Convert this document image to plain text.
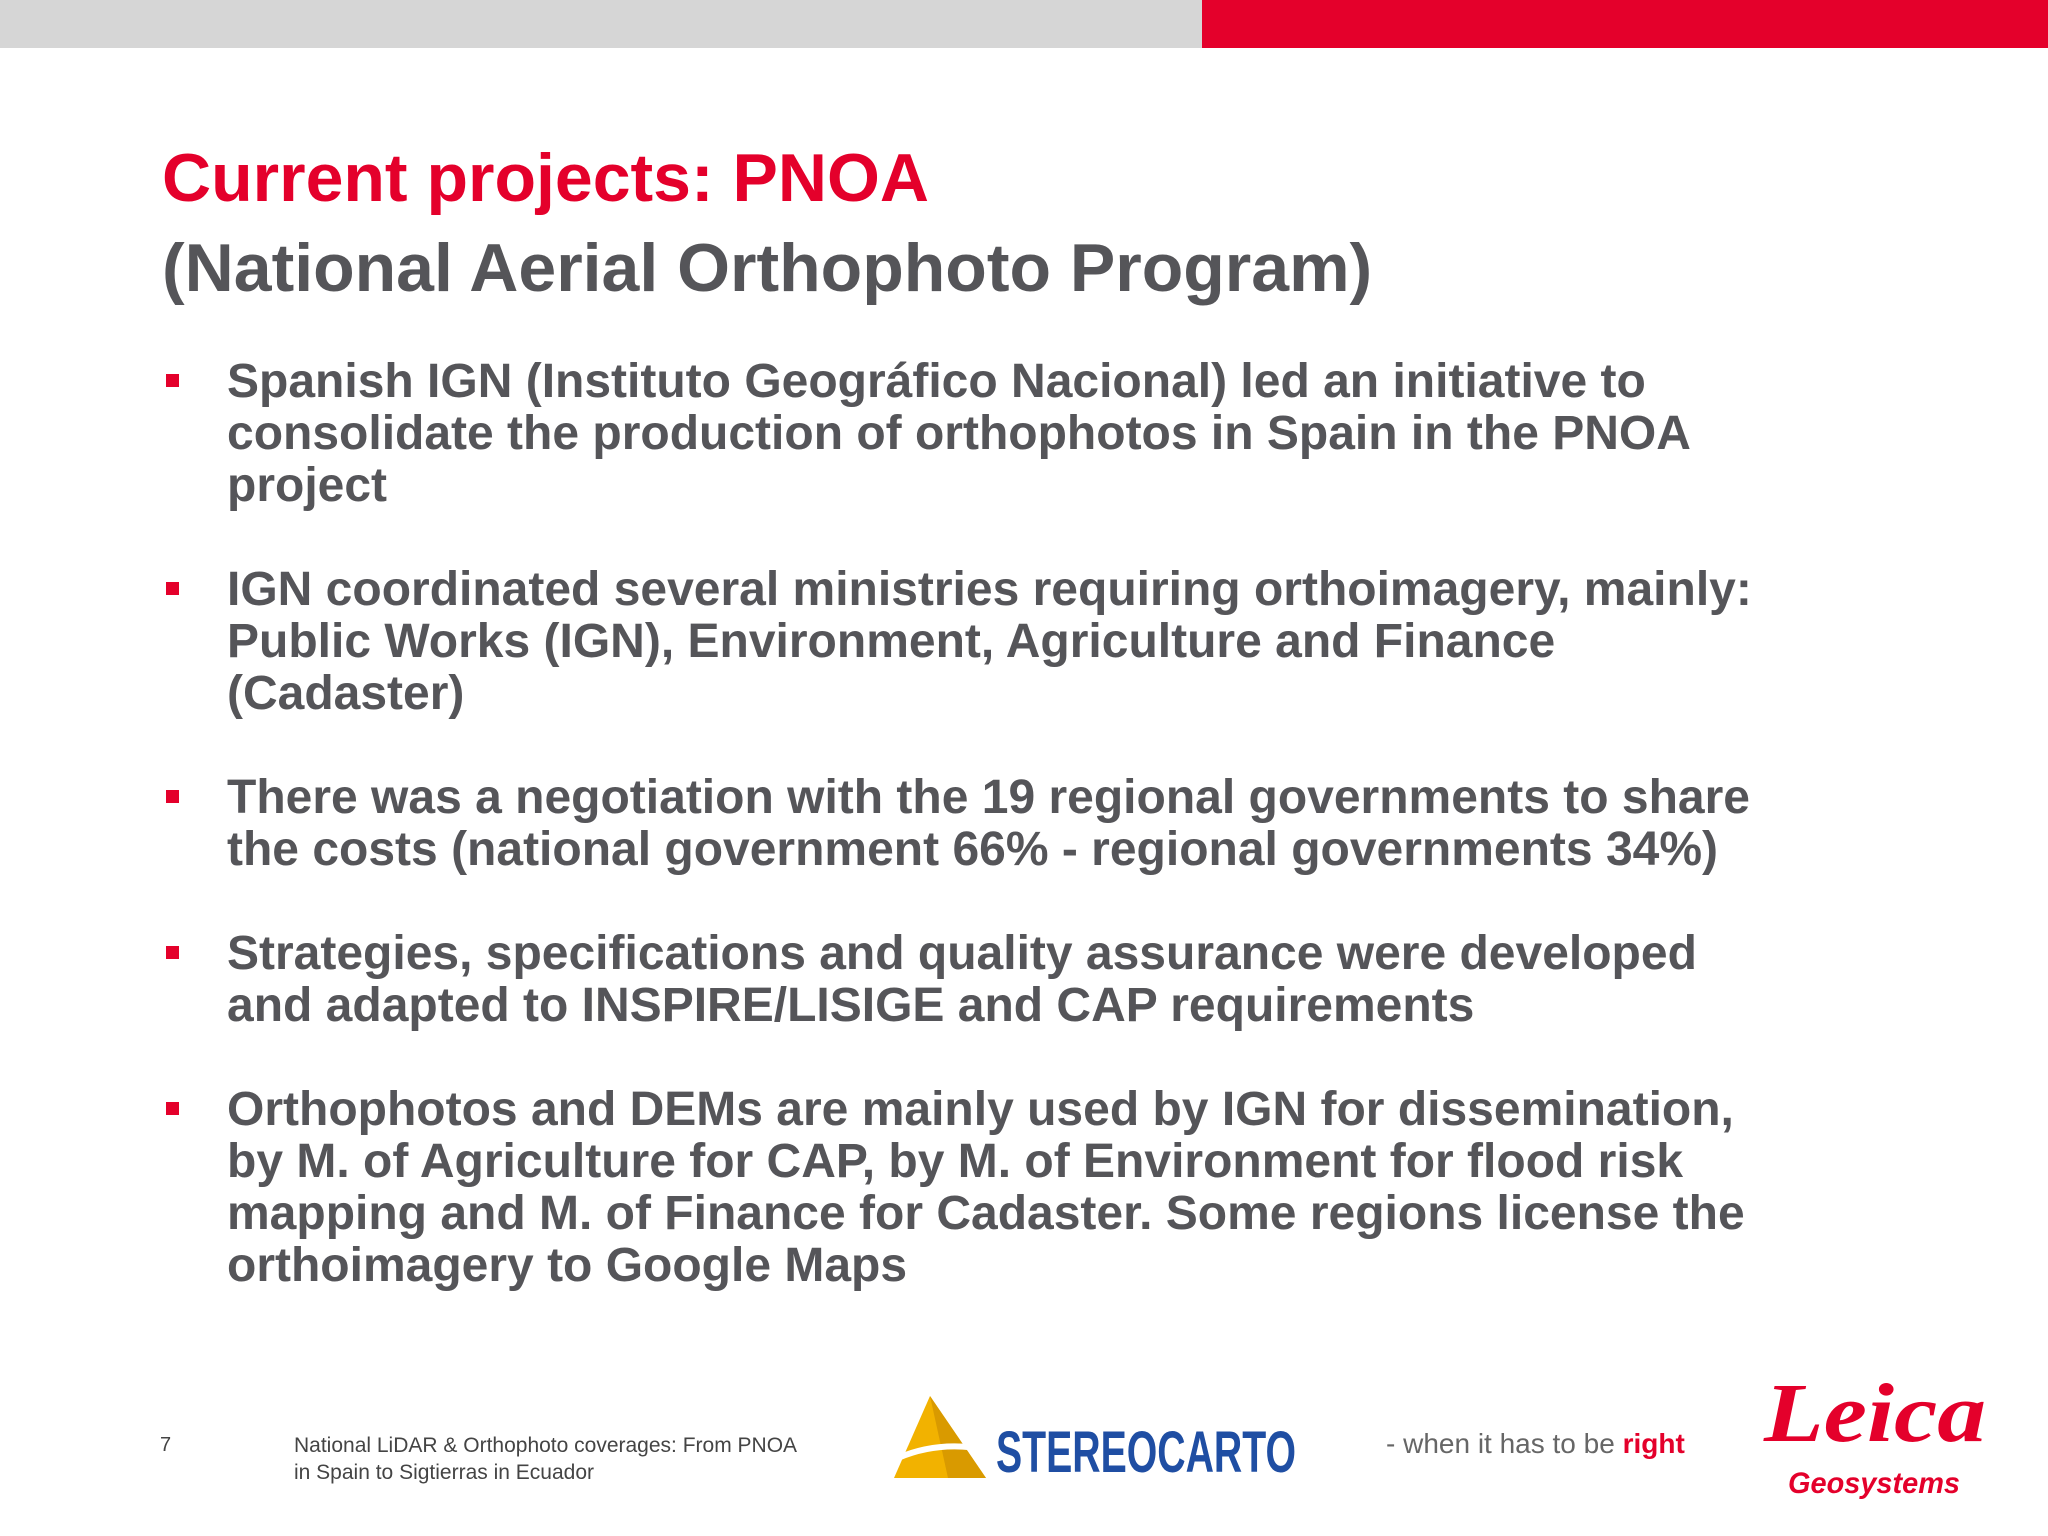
Current projects: PNOA
(National Aerial Orthophoto Program)

Spanish IGN (Instituto Geográfico Nacional) led an initiative to
consolidate the production of orthophotos in Spain in the PNOA
project

IGN coordinated several ministries requiring orthoimagery, mainly:
Public Works (IGN), Environment, Agriculture and Finance
(Cadaster)

There was a negotiation with the 19 regional governments to share
the costs (national government 66% - regional governments 34%)

Strategies, specifications and quality assurance were developed
and adapted to INSPIRE/LISIGE and CAP requirements

Orthophotos and DEMs are mainly used by IGN for dissemination,
by M. of Agriculture for CAP, by M. of Environment for flood risk
mapping and M. of Finance for Cadaster. Some regions license the
orthoimagery to Google Maps

7	National LiDAR & Orthophoto coverages: From PNOA
in Spain to Sigtierras in Ecuador	STEREOCARTO	- when it has to be right Leica
Geosystems
